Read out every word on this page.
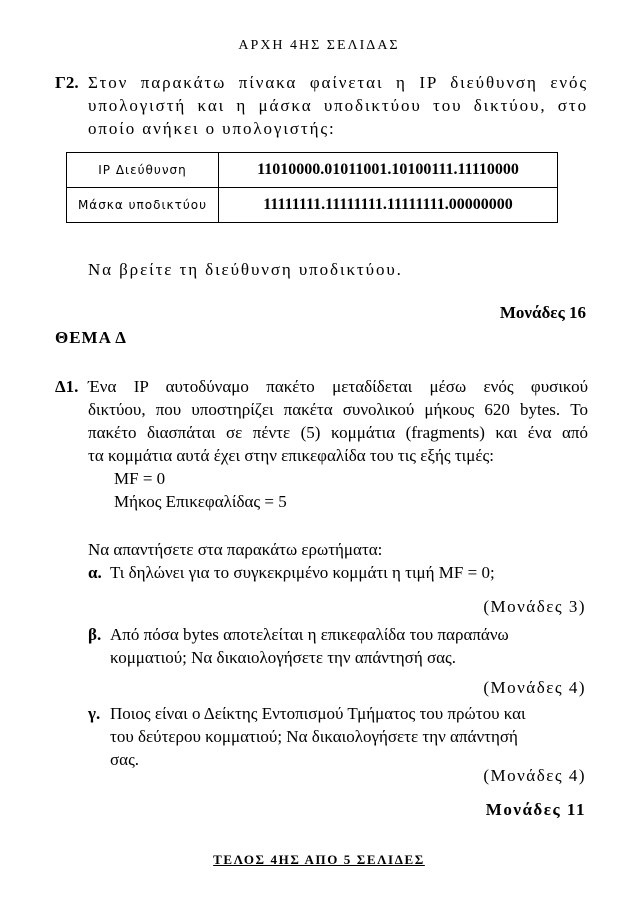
ΑΡΧΗ 4ΗΣ ΣΕΛΙΔΑΣ
Γ2. Στον παρακάτω πίνακα φαίνεται η IP διεύθυνση ενός
υπολογιστή και η μάσκα υποδικτύου του δικτύου, στο
οποίο ανήκει ο υπολογιστής:
IP Διεύθυνση	11010000.01011001.10100111.11110000
Μάσκα υποδικτύου	11111111.11111111.11111111.00000000
Να βρείτε τη διεύθυνση υποδικτύου.
Μονάδες 16
ΘΕΜΑ Δ
Δ1. Ένα IP αυτοδύναμο πακέτο μεταδίδεται μέσω ενός φυσικού
δικτύου, που υποστηρίζει πακέτα συνολικού μήκους 620 bytes. Το
πακέτο διασπάται σε πέντε (5) κομμάτια (fragments) και ένα από
τα κομμάτια αυτά έχει στην επικεφαλίδα του τις εξής τιμές:
MF = 0
Μήκος Επικεφαλίδας = 5
Να απαντήσετε στα παρακάτω ερωτήματα:
α. Τι δηλώνει για το συγκεκριμένο κομμάτι η τιμή MF = 0;
(Μονάδες 3)
β. Από πόσα bytes αποτελείται η επικεφαλίδα του παραπάνω
κομματιού; Να δικαιολογήσετε την απάντησή σας.
(Μονάδες 4)
γ. Ποιος είναι ο Δείκτης Εντοπισμού Τμήματος του πρώτου και
του δεύτερου κομματιού; Να δικαιολογήσετε την απάντησή
σας.
(Μονάδες 4)
Μονάδες 11
ΤΕΛΟΣ 4ΗΣ ΑΠΟ 5 ΣΕΛΙΔΕΣ
